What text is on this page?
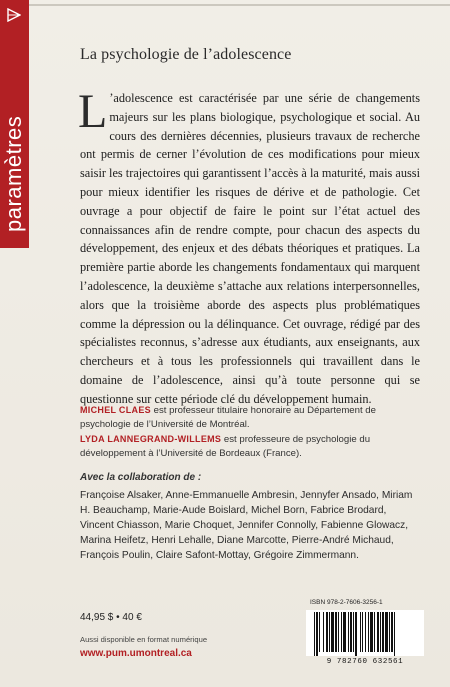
paramètres
La psychologie de l’adolescence

L ’adolescence est caractérisée par une série de changements majeurs sur les plans biologique, psychologique et social. Au cours des dernières décennies, plusieurs travaux de recherche ont permis de cerner l’évolution de ces modifications pour mieux saisir les trajectoires qui garantissent l’accès à la maturité, mais aussi pour mieux identifier les risques de dérive et de pathologie. Cet ouvrage a pour objectif de faire le point sur l’état actuel des connaissances afin de rendre compte, pour chacun des aspects du développement, des enjeux et des débats théoriques et pratiques. La première partie aborde les changements fondamentaux qui marquent l’adolescence, la deuxième s’attache aux relations interpersonnelles, alors que la troisième aborde des aspects plus problématiques comme la dépression ou la délinquance. Cet ouvrage, rédigé par des spécialistes reconnus, s’adresse aux étudiants, aux enseignants, aux chercheurs et à tous les professionnels qui travaillent dans le domaine de l’adolescence, ainsi qu’à toute personne qui se questionne sur cette période clé du développement humain.

MICHEL CLAES est professeur titulaire honoraire au Département de psychologie de l’Université de Montréal.
LYDA LANNEGRAND-WILLEMS est professeure de psychologie du développement à l’Université de Bordeaux (France).
Avec la collaboration de :
Françoise Alsaker, Anne-Emmanuelle Ambresin, Jennyfer Ansado, Miriam H. Beauchamp, Marie-Aude Boislard, Michel Born, Fabrice Brodard, Vincent Chiasson, Marie Choquet, Jennifer Connolly, Fabienne Glowacz, Marina Heifetz, Henri Lehalle, Diane Marcotte, Pierre-André Michaud, François Poulin, Claire Safont-Mottay, Grégoire Zimmermann.
44,95 $ • 40 €
Aussi disponible en format numérique
www.pum.umontreal.ca
ISBN 978-2-7606-3256-1
9 782760 632561
